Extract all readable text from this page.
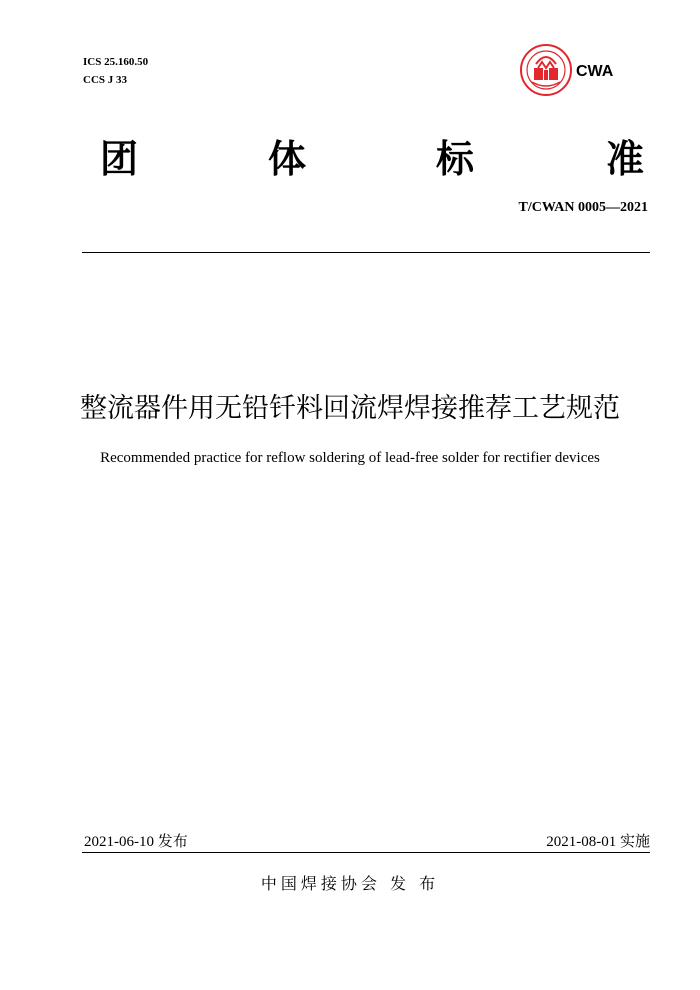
ICS 25.160.50
CCS J 33	CWA
团	体	标	准
T/CWAN 0005—2021
整流器件用无铅钎料回流焊焊接推荐工艺规范
Recommended practice for reflow soldering of lead-free solder for rectifier devices
2021-06-10 发布	2021-08-01 实施
中国焊接协会 发 布
